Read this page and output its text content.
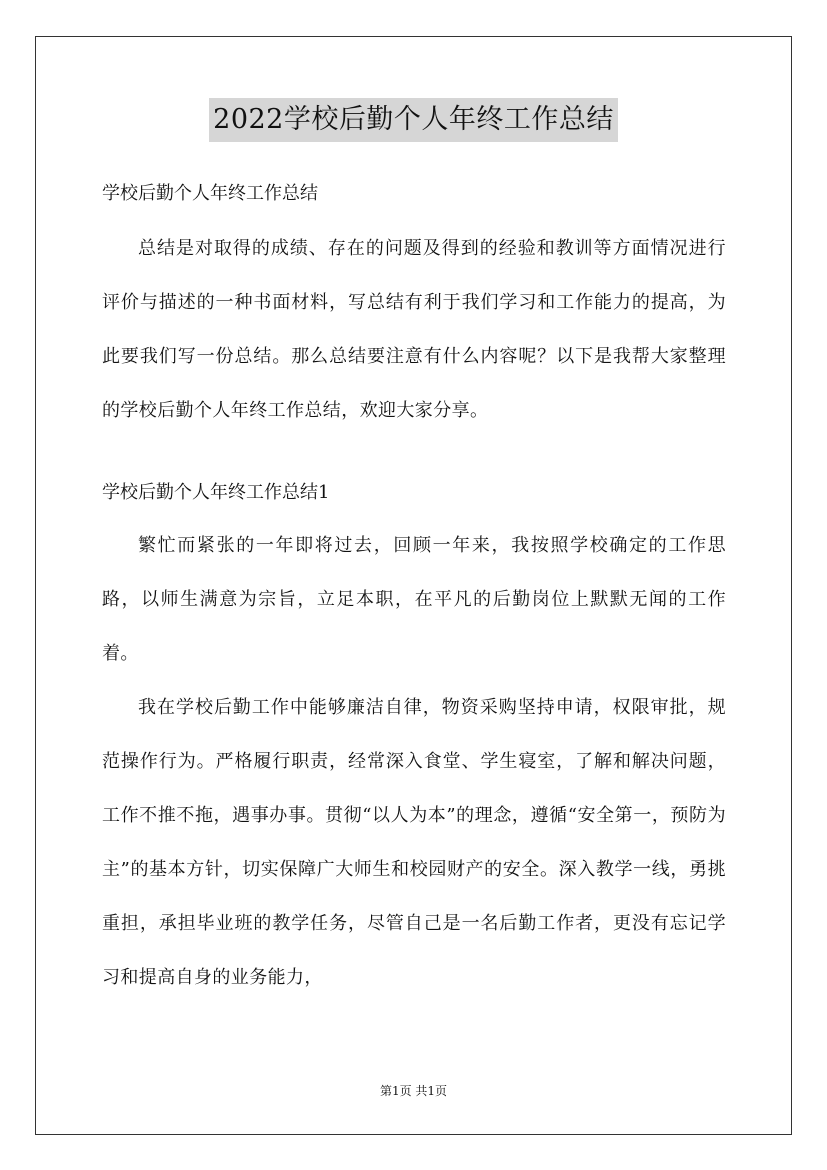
2022学校后勤个人年终工作总结

学校后勤个人年终工作总结

总结是对取得的成绩、存在的问题及得到的经验和教训等方面情况进行评价与描述的一种书面材料，写总结有利于我们学习和工作能力的提高，为此要我们写一份总结。那么总结要注意有什么内容呢？以下是我帮大家整理的学校后勤个人年终工作总结，欢迎大家分享。

学校后勤个人年终工作总结1

繁忙而紧张的一年即将过去，回顾一年来，我按照学校确定的工作思路，以师生满意为宗旨，立足本职，在平凡的后勤岗位上默默无闻的工作着。

我在学校后勤工作中能够廉洁自律，物资采购坚持申请，权限审批，规范操作行为。严格履行职责，经常深入食堂、学生寝室，了解和解决问题，工作不推不拖，遇事办事。贯彻“以人为本”的理念，遵循“安全第一，预防为主”的基本方针，切实保障广大师生和校园财产的安全。深入教学一线，勇挑重担，承担毕业班的教学任务，尽管自己是一名后勤工作者，更没有忘记学习和提高自身的业务能力，

第1页 共1页
